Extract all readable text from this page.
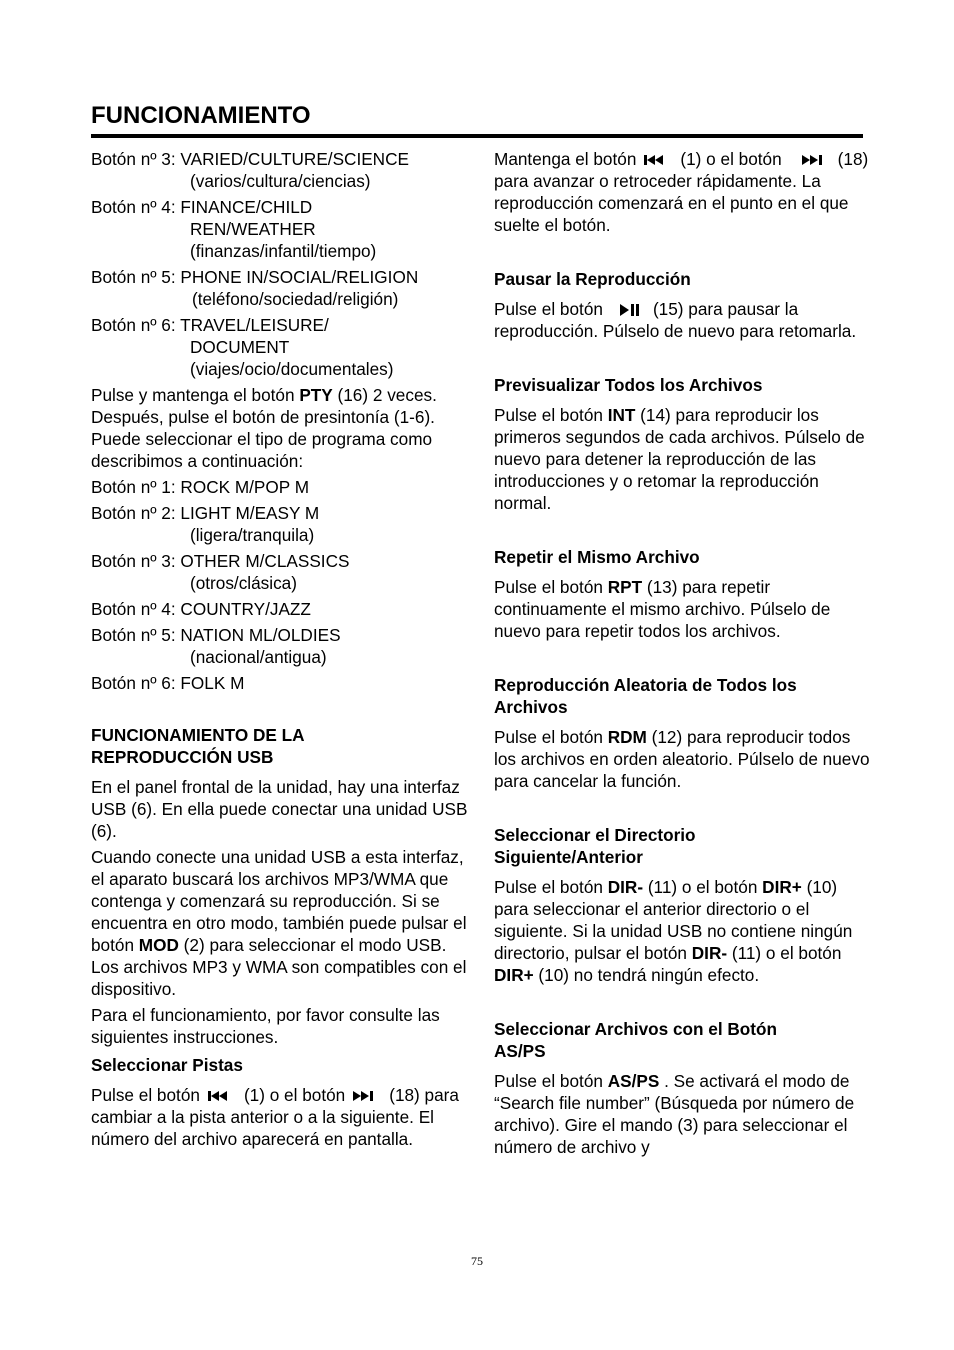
FUNCIONAMIENTO
Botón nº 3: VARIED/CULTURE/SCIENCE
(varios/cultura/ciencias)
Botón nº 4: FINANCE/CHILD
REN/WEATHER
(finanzas/infantil/tiempo)
Botón nº 5: PHONE IN/SOCIAL/RELIGION
(teléfono/sociedad/religión)
Botón nº 6: TRAVEL/LEISURE/
DOCUMENT
(viajes/ocio/documentales)

Pulse y mantenga el botón PTY (16) 2 veces. Después, pulse el botón de presintonía (1-6). Puede seleccionar el tipo de programa como describimos a continuación:

Botón nº 1: ROCK M/POP M
Botón nº 2: LIGHT M/EASY M
(ligera/tranquila)
Botón nº 3: OTHER M/CLASSICS
(otros/clásica)
Botón nº 4: COUNTRY/JAZZ
Botón nº 5: NATION ML/OLDIES
(nacional/antigua)
Botón nº 6: FOLK M
FUNCIONAMIENTO DE LA
REPRODUCCIÓN USB

En el panel frontal de la unidad, hay una interfaz USB (6). En ella puede conectar una unidad USB (6).

Cuando conecte una unidad USB a esta interfaz, el aparato buscará los archivos MP3/WMA que contenga y comenzará su reproducción. Si se encuentra en otro modo, también puede pulsar el botón MOD (2) para seleccionar el modo USB. Los archivos MP3 y WMA son compatibles con el dispositivo.

Para el funcionamiento, por favor consulte las siguientes instrucciones.

Seleccionar Pistas

Pulse el botón	(1) o el botón	(18) para cambiar a la pista anterior o a la siguiente. El número del archivo aparecerá en pantalla.

Mantenga el botón	(1) o el botón	(18) para avanzar o retroceder rápidamente. La reproducción comenzará en el punto en el que suelte el botón.

Pausar la Reproducción

Pulse el botón	(15) para pausar la reproducción. Púlselo de nuevo para retomarla.

Previsualizar Todos los Archivos

Pulse el botón INT (14) para reproducir los primeros segundos de cada archivos. Púlselo de nuevo para detener la reproducción de las introducciones y o retomar la reproducción normal.

Repetir el Mismo Archivo

Pulse el botón RPT (13) para repetir continuamente el mismo archivo. Púlselo de nuevo para repetir todos los archivos.

Reproducción Aleatoria de Todos los
Archivos

Pulse el botón RDM (12) para reproducir todos los archivos en orden aleatorio. Púlselo de nuevo para cancelar la función.

Seleccionar el Directorio
Siguiente/Anterior

Pulse el botón DIR- (11) o el botón DIR+ (10) para seleccionar el anterior directorio o el siguiente. Si la unidad USB no contiene ningún directorio, pulsar el botón DIR- (11) o el botón DIR+ (10) no tendrá ningún efecto.

Seleccionar Archivos con el Botón
AS/PS

Pulse el botón AS/PS . Se activará el modo de “Search file number” (Búsqueda por número de archivo). Gire el mando (3) para seleccionar el número de archivo y

75
